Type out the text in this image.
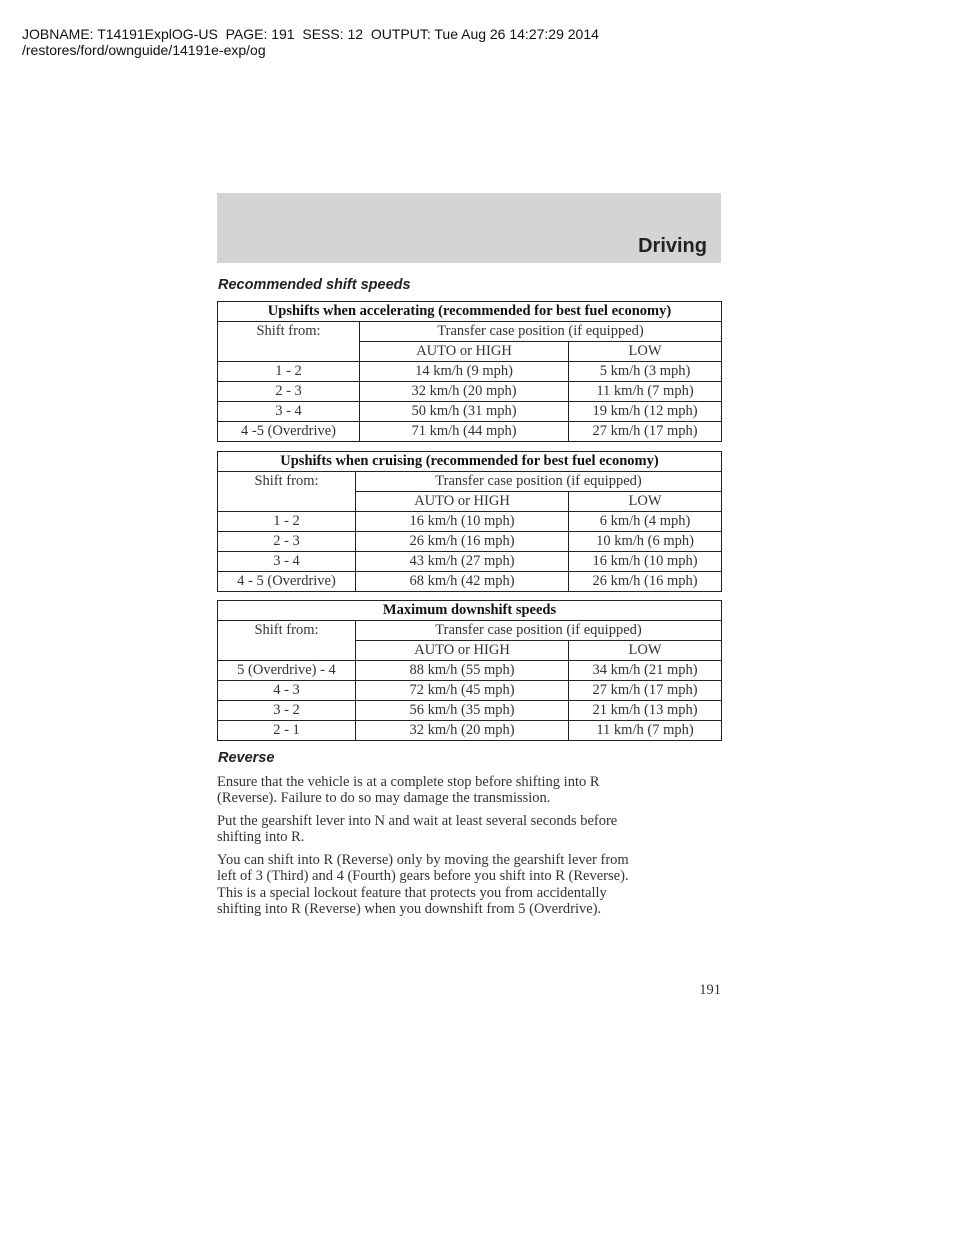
JOBNAME: T14191ExplOG-US  PAGE: 191  SESS: 12  OUTPUT: Tue Aug 26 14:27:29 2014
/restores/ford/ownguide/14191e-exp/og
Driving
Recommended shift speeds
Upshifts when accelerating (recommended for best fuel economy)		
Shift from:	Transfer case position (if equipped)	
	AUTO or HIGH	LOW
1 - 2	14 km/h (9 mph)	5 km/h (3 mph)
2 - 3	32 km/h (20 mph)	11 km/h (7 mph)
3 - 4	50 km/h (31 mph)	19 km/h (12 mph)
4 -5 (Overdrive)	71 km/h (44 mph)	27 km/h (17 mph)
Upshifts when cruising (recommended for best fuel economy)		
Shift from:	Transfer case position (if equipped)	
	AUTO or HIGH	LOW
1 - 2	16 km/h (10 mph)	6 km/h (4 mph)
2 - 3	26 km/h (16 mph)	10 km/h (6 mph)
3 - 4	43 km/h (27 mph)	16 km/h (10 mph)
4 - 5 (Overdrive)	68 km/h (42 mph)	26 km/h (16 mph)
Maximum downshift speeds		
Shift from:	Transfer case position (if equipped)	
	AUTO or HIGH	LOW
5 (Overdrive) - 4	88 km/h (55 mph)	34 km/h (21 mph)
4 - 3	72 km/h (45 mph)	27 km/h (17 mph)
3 - 2	56 km/h (35 mph)	21 km/h (13 mph)
2 - 1	32 km/h (20 mph)	11 km/h (7 mph)
Reverse
Ensure that the vehicle is at a complete stop before shifting into R
(Reverse). Failure to do so may damage the transmission.
Put the gearshift lever into N and wait at least several seconds before
shifting into R.
You can shift into R (Reverse) only by moving the gearshift lever from
left of 3 (Third) and 4 (Fourth) gears before you shift into R (Reverse).
This is a special lockout feature that protects you from accidentally
shifting into R (Reverse) when you downshift from 5 (Overdrive).
191
